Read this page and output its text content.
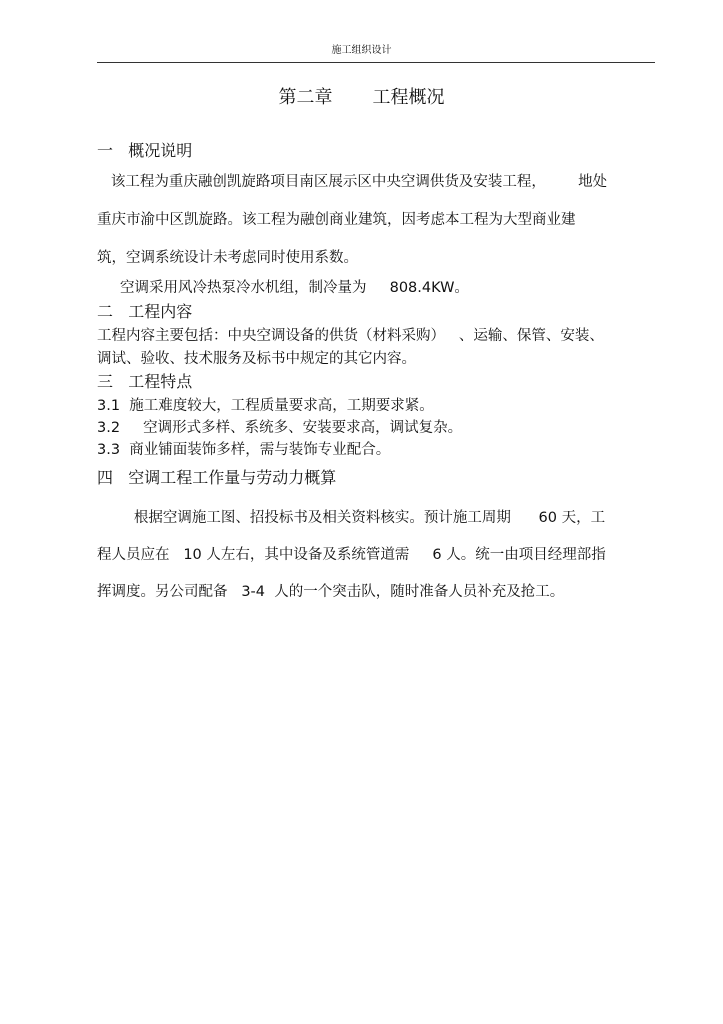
施工组织设计
第二章       工程概况
一   概况说明
该工程为重庆融创凯旋路项目南区展示区中央空调供货及安装工程，       地处
重庆市渝中区凯旋路。该工程为融创商业建筑，因考虑本工程为大型商业建
筑，空调系统设计未考虑同时使用系数。
空调采用风冷热泵冷水机组，制冷量为     808.4KW。
二   工程内容
工程内容主要包括：中央空调设备的供货（材料采购）   、运输、保管、安装、
调试、验收、技术服务及标书中规定的其它内容。
三   工程特点
3.1  施工难度较大，工程质量要求高，工期要求紧。
3.2     空调形式多样、系统多、安装要求高，调试复杂。
3.3  商业铺面装饰多样，需与装饰专业配合。
四   空调工程工作量与劳动力概算
根据空调施工图、招投标书及相关资料核实。预计施工周期      60 天，工
程人员应在   10 人左右，其中设备及系统管道需     6 人。统一由项目经理部指
挥调度。另公司配备   3-4  人的一个突击队，随时准备人员补充及抢工。
